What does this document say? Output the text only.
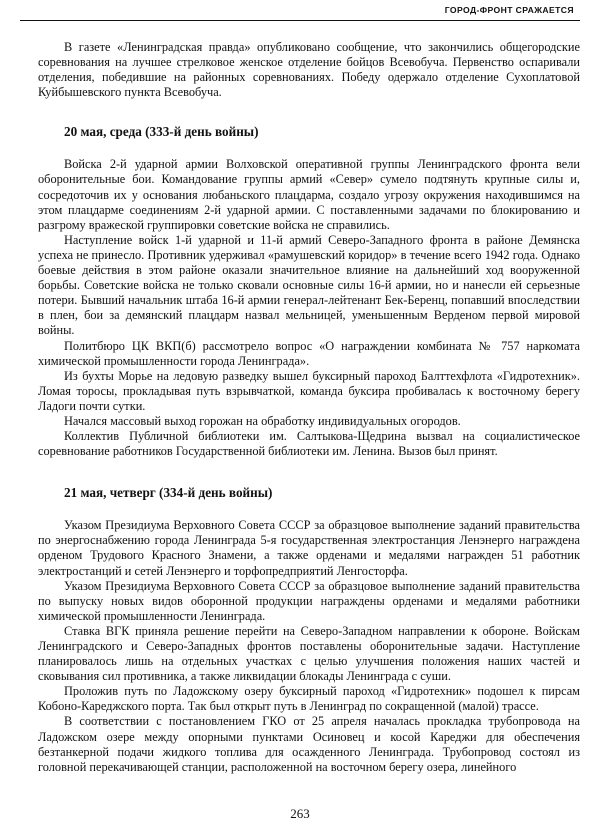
ГОРОД-ФРОНТ СРАЖАЕТСЯ

В газете «Ленинградская правда» опубликовано сообщение, что закончились общегородские соревнования на лучшее стрелковое женское отделение бойцов Всевобуча. Первенство оспаривали отделения, победившие на районных соревнованиях. Победу одержало отделение Сухоплатовой Куйбышевского пункта Всевобуча.

20 мая, среда (333-й день войны)

Войска 2-й ударной армии Волховской оперативной группы Ленинградского фронта вели оборонительные бои. Командование группы армий «Север» сумело подтянуть крупные силы и, сосредоточив их у основания любаньского плацдарма, создало угрозу окружения находившимся на этом плацдарме соединениям 2-й ударной армии. С поставленными задачами по блокированию и разгрому вражеской группировки советские войска не справились.

Наступление войск 1-й ударной и 11-й армий Северо-Западного фронта в районе Демянска успеха не принесло. Противник удерживал «рамушевский коридор» в течение всего 1942 года. Однако боевые действия в этом районе оказали значительное влияние на дальнейший ход вооруженной борьбы. Советские войска не только сковали основные силы 16-й армии, но и нанесли ей серьезные потери. Бывший начальник штаба 16-й армии генерал-лейтенант Бек-Беренц, попавший впоследствии в плен, бои за демянский плацдарм назвал мельницей, уменьшенным Верденом первой мировой войны.

Политбюро ЦК ВКП(б) рассмотрело вопрос «О награждении комбината № 757 наркомата химической промышленности города Ленинграда».

Из бухты Морье на ледовую разведку вышел буксирный пароход Балттехфлота «Гидротехник». Ломая торосы, прокладывая путь взрывчаткой, команда буксира пробивалась к восточному берегу Ладоги почти сутки.

Начался массовый выход горожан на обработку индивидуальных огородов.

Коллектив Публичной библиотеки им. Салтыкова-Щедрина вызвал на социалистическое соревнование работников Государственной библиотеки им. Ленина. Вызов был принят.

21 мая, четверг (334-й день войны)

Указом Президиума Верховного Совета СССР за образцовое выполнение заданий правительства по энергоснабжению города Ленинграда 5-я государственная электростанция Ленэнерго награждена орденом Трудового Красного Знамени, а также орденами и медалями награжден 51 работник электростанций и сетей Ленэнерго и торфопредприятий Ленгосторфа.

Указом Президиума Верховного Совета СССР за образцовое выполнение заданий правительства по выпуску новых видов оборонной продукции награждены орденами и медалями работники химической промышленности Ленинграда.

Ставка ВГК приняла решение перейти на Северо-Западном направлении к обороне. Войскам Ленинградского и Северо-Западных фронтов поставлены оборонительные задачи. Наступление планировалось лишь на отдельных участках с целью улучшения положения наших частей и сковывания сил противника, а также ликвидации блокады Ленинграда с суши.

Проложив путь по Ладожскому озеру буксирный пароход «Гидротехник» подошел к пирсам Кобоно-Кареджского порта. Так был открыт путь в Ленинград по сокращенной (малой) трассе.

В соответствии с постановлением ГКО от 25 апреля началась прокладка трубопровода на Ладожском озере между опорными пунктами Осиновец и косой Кареджи для обеспечения безтанкерной подачи жидкого топлива для осажденного Ленинграда. Трубопровод состоял из головной перекачивающей станции, расположенной на восточном берегу озера, линейного

263
